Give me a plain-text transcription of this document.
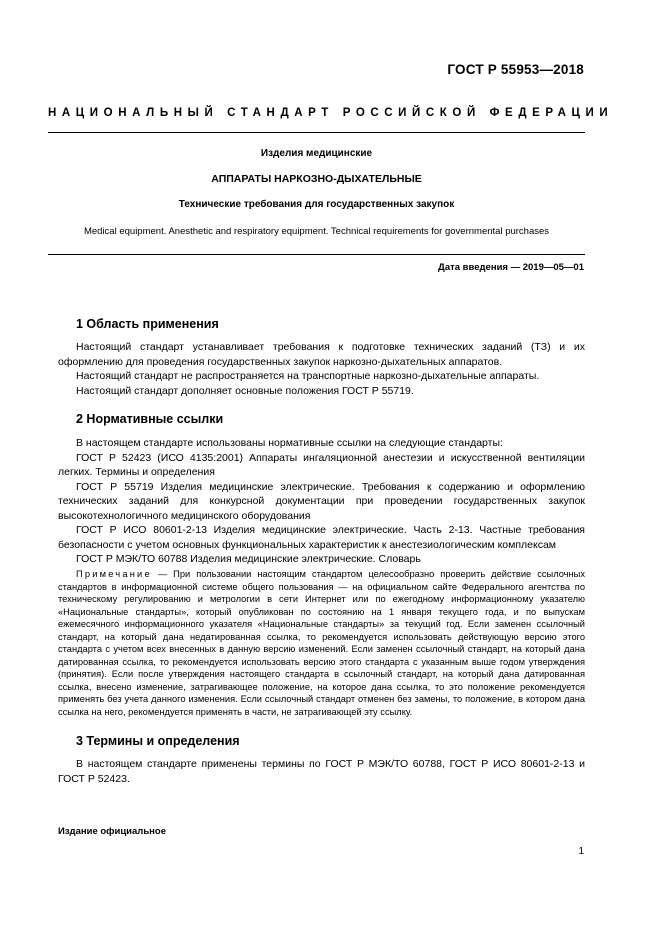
ГОСТ Р 55953—2018
НАЦИОНАЛЬНЫЙ СТАНДАРТ РОССИЙСКОЙ ФЕДЕРАЦИИ
Изделия медицинские
АППАРАТЫ НАРКОЗНО-ДЫХАТЕЛЬНЫЕ
Технические требования для государственных закупок
Medical equipment. Anesthetic and respiratory equipment. Technical requirements for governmental purchases
Дата введения — 2019—05—01
1 Область применения

Настоящий стандарт устанавливает требования к подготовке технических заданий (ТЗ) и их оформлению для проведения государственных закупок наркозно-дыхательных аппаратов.

Настоящий стандарт не распространяется на транспортные наркозно-дыхательные аппараты.

Настоящий стандарт дополняет основные положения ГОСТ Р 55719.

2 Нормативные ссылки

В настоящем стандарте использованы нормативные ссылки на следующие стандарты:

ГОСТ Р 52423 (ИСО 4135:2001) Аппараты ингаляционной анестезии и искусственной вентиляции легких. Термины и определения

ГОСТ Р 55719 Изделия медицинские электрические. Требования к содержанию и оформлению технических заданий для конкурсной документации при проведении государственных закупок высокотехнологичного медицинского оборудования

ГОСТ Р ИСО 80601-2-13 Изделия медицинские электрические. Часть 2-13. Частные требования безопасности с учетом основных функциональных характеристик к анестезиологическим комплексам

ГОСТ Р МЭК/ТО 60788 Изделия медицинские электрические. Словарь

Примечание — При пользовании настоящим стандартом целесообразно проверить действие ссылочных стандартов в информационной системе общего пользования — на официальном сайте Федерального агентства по техническому регулированию и метрологии в сети Интернет или по ежегодному информационному указателю «Национальные стандарты», который опубликован по состоянию на 1 января текущего года, и по выпускам ежемесячного информационного указателя «Национальные стандарты» за текущий год. Если заменен ссылочный стандарт, на который дана недатированная ссылка, то рекомендуется использовать действующую версию этого стандарта с учетом всех внесенных в данную версию изменений. Если заменен ссылочный стандарт, на который дана датированная ссылка, то рекомендуется использовать версию этого стандарта с указанным выше годом утверждения (принятия). Если после утверждения настоящего стандарта в ссылочный стандарт, на который дана датированная ссылка, внесено изменение, затрагивающее положение, на которое дана ссылка, то это положение рекомендуется применять без учета данного изменения. Если ссылочный стандарт отменен без замены, то положение, в котором дана ссылка на него, рекомендуется применять в части, не затрагивающей эту ссылку.

3 Термины и определения

В настоящем стандарте применены термины по ГОСТ Р МЭК/ТО 60788, ГОСТ Р ИСО 80601-2-13 и ГОСТ Р 52423.

Издание официальное
1
